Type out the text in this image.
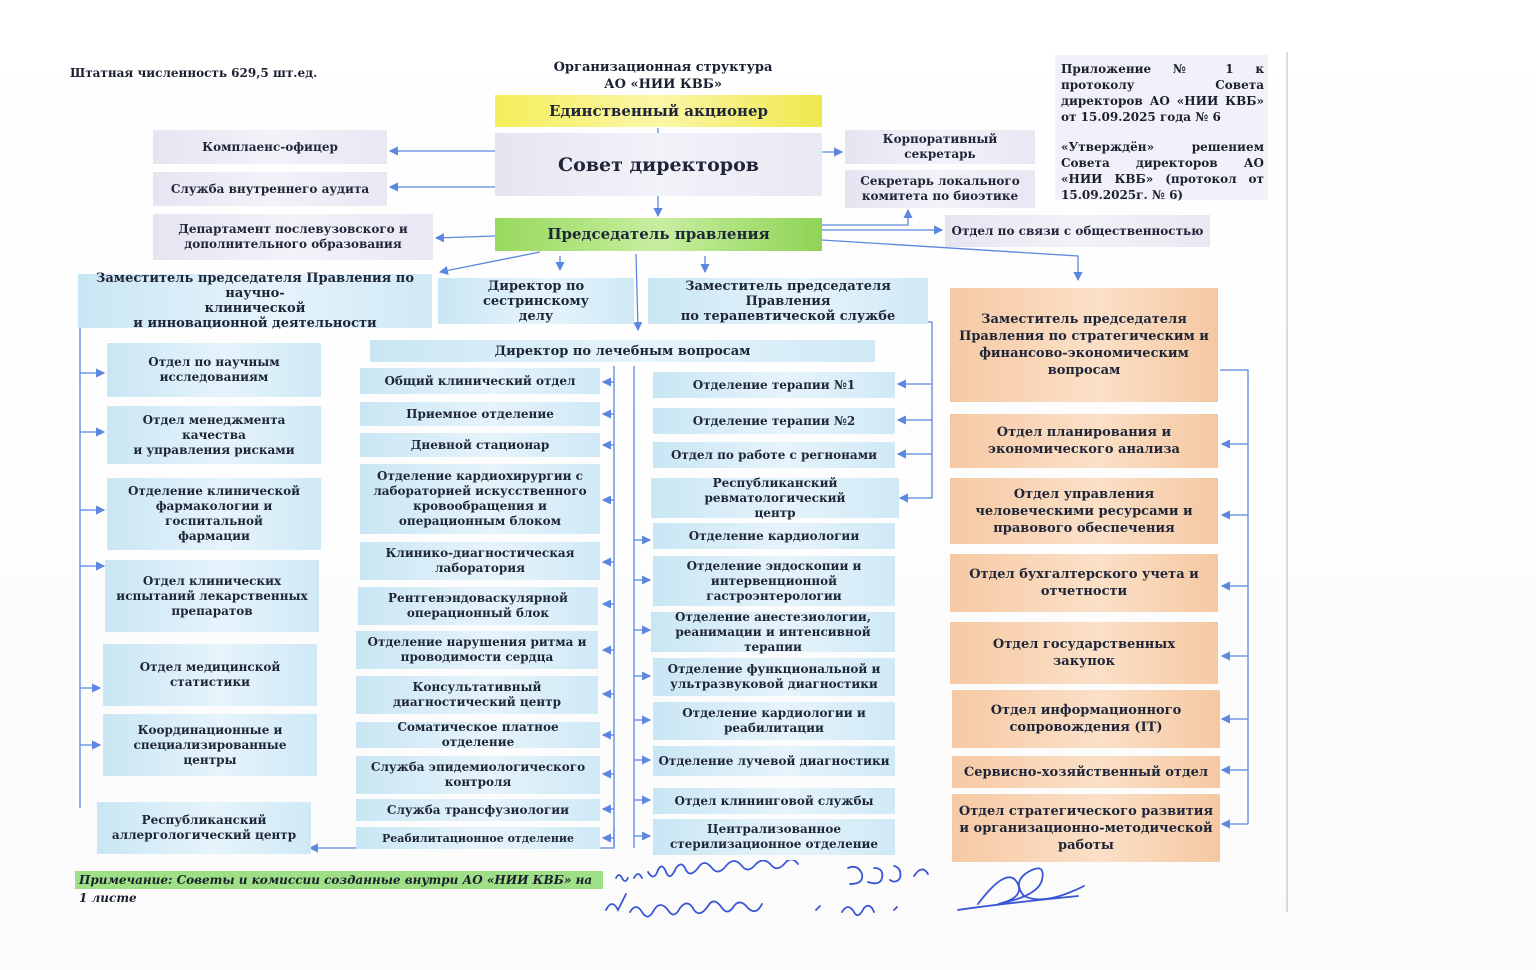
Штатная численность 629,5 шт.ед.	Организационная структура
АО «НИИ КВБ»

Приложение № 1 к протоколу Совета директоров АО «НИИ КВБ» от 15.09.2025 года № 6

«Утверждён» решением Совета директоров АО «НИИ КВБ» (протокол от 15.09.2025г. № 6)

Единственный акционер
Совет директоров
Председатель правления
Комплаенс-офицер
Служба внутреннего аудита
Департамент послевузовского и
дополнительного образования
Корпоративный секретарь
Секретарь локального
комитета по биоэтике
Отдел по связи с общественностью
Заместитель председателя Правления по научно-
клинической
и инновационной деятельности
Директор по сестринскому
делу
Заместитель председателя Правления
по терапевтической службе	Заместитель председателя
Правления по стратегическим и
финансово-экономическим
вопросам
Директор по лечебным вопросам
Отдел по научным
исследованиям
Отдел менеджмента качества
и управления рисками
Отделение клинической
фармакологии и госпитальной
фармации
Отдел клинических
испытаний лекарственных
препаратов
Отдел медицинской
статистики
Координационные и
специализированные
центры
Республиканский
аллергологический центр
Общий клинический отдел
Приемное отделение
Дневной стационар
Отделение кардиохирургии с
лабораторией искусственного
кровообращения и
операционным блоком
Клинико-диагностическая
лаборатория
Рентгенэндоваскулярной
операционный блок
Отделение нарушения ритма и
проводимости сердца
Консультативный
диагностический центр
Соматическое платное отделение
Служба эпидемиологического
контроля
Служба трансфузиологии
Реабилитационное отделение
Отделение терапии №1
Отделение терапии №2
Отдел по работе с регнонами
Республиканский ревматологический
центр
Отделение кардиологии
Отделение эндоскопии и
интервенционной
гастроэнтерологии
Отделение анестезиологии,
реанимации и интенсивной терапии
Отделение функциональной и
ультразвуковой диагностики
Отделение кардиологии и
реабилитации
Отделение лучевой диагностики
Отдел клининговой службы
Централизованное
стерилизационное отделение
Отдел планирования и
экономического анализа
Отдел управления
человеческими ресурсами и
правового обеспечения
Отдел бухгалтерского учета и
отчетности
Отдел государственных
закупок
Отдел информационного
сопровождения (IT)
Сервисно-хозяйственный отдел
Отдел стратегического развития
и организационно-методической
работы
Примечание: Советы и комиссии созданные внутри АО «НИИ КВБ» на 1 листе
